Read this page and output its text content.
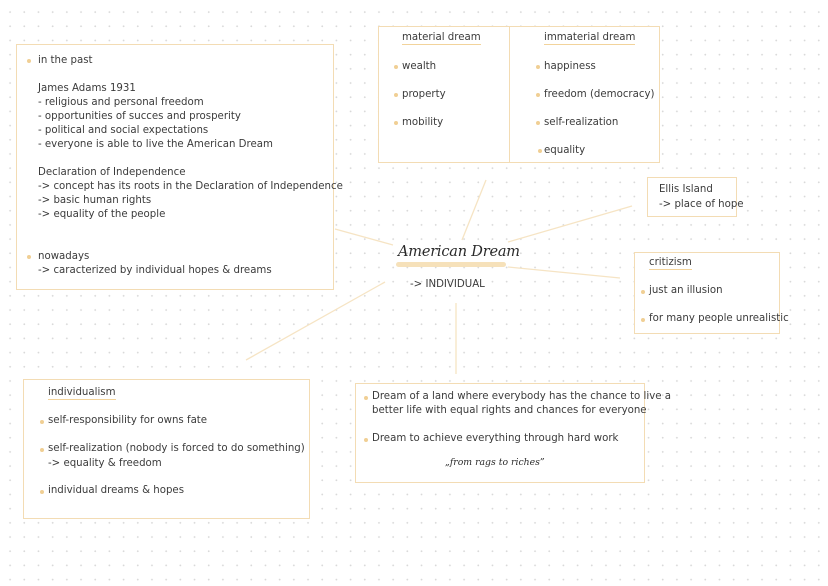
American Dream
-> INDIVIDUAL
in the past
James Adams 1931
- religious and personal freedom
- opportunities of succes and prosperity
- political and social expectations
- everyone is able to live the American Dream
Declaration of Independence
-> concept has its roots in the Declaration of Independence
-> basic human rights
-> equality of the people
nowadays
-> caracterized by individual hopes & dreams
material dream
wealth
property
mobility
immaterial dream
happiness
freedom (democracy)
self-realization
equality
Ellis Island
-> place of hope
critizism
just an illusion
for many people unrealistic
individualism
self-responsibility for owns fate
self-realization (nobody is forced to do something)
-> equality & freedom
individual dreams & hopes
Dream of a land where everybody has the chance to live a
better life with equal rights and chances for everyone
Dream to achieve everything through hard work
„from rags to riches”
